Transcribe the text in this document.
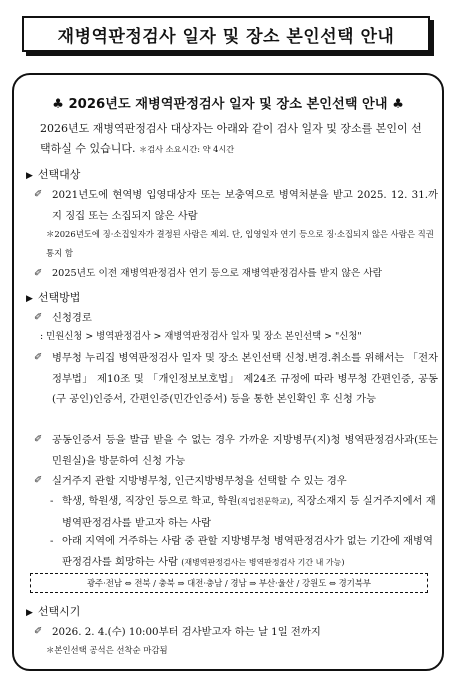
재병역판정검사 일자 및 장소 본인선택 안내
♣ 2026년도 재병역판정검사 일자 및 장소 본인선택 안내 ♣
2026년도 재병역판정검사 대상자는 아래와 같이 검사 일자 및 장소를 본인이 선택하실 수 있습니다. ＊검사 소요시간: 약 4시간
▶ 선택대상
✐ 2021년도에 현역병 입영대상자 또는 보충역으로 병역처분을 받고 2025. 12. 31.까지 징집 또는 소집되지 않은 사람
＊2026년도에 징·소집일자가 결정된 사람은 제외. 단, 입영일자 연기 등으로 징·소집되지 않은 사람은 직권통지 함
✐ 2025년도 이전 재병역판정검사 연기 등으로 재병역판정검사를 받지 않은 사람
▶ 선택방법
✐ 신청경로
: 민원신청 > 병역판정검사 > 재병역판정검사 일자 및 장소 본인선택 > "신청"
✐ 병무청 누리집 병역판정검사 일자 및 장소 본인선택 신청.변경.취소를 위해서는 「전자정부법」 제10조 및 「개인정보보호법」 제24조 규정에 따라 병무청 간편인증, 공동(구 공인)인증서, 간편인증(민간인증서) 등을 통한 본인확인 후 신청 가능
✐ 공동인증서 등을 발급 받을 수 없는 경우 가까운 지방병무(지)청 병역판정검사과(또는 민원실)을 방문하여 신청 가능
✐ 실거주지 관할 지방병무청, 인근지방병무청을 선택할 수 있는 경우
- 학생, 학원생, 직장인 등으로 학교, 학원(직업전문학교), 직장소재지 등 실거주지에서 재병역판정검사를 받고자 하는 사람
- 아래 지역에 거주하는 사람 중 관할 지방병무청 병역판정검사가 없는 기간에 재병역판정검사를 희망하는 사람 (재병역판정검사는 병역판정검사 기간 내 가능)
광주·전남 ⇔ 전북 / 충북 ⇒ 대전·충남 / 경남 ⇒ 부산·울산 / 강원도 ⇔ 경기북부
▶ 선택시기
✐ 2026. 2. 4.(수) 10:00부터 검사받고자 하는 날 1일 전까지
＊본인선택 공석은 선착순 마감됨
